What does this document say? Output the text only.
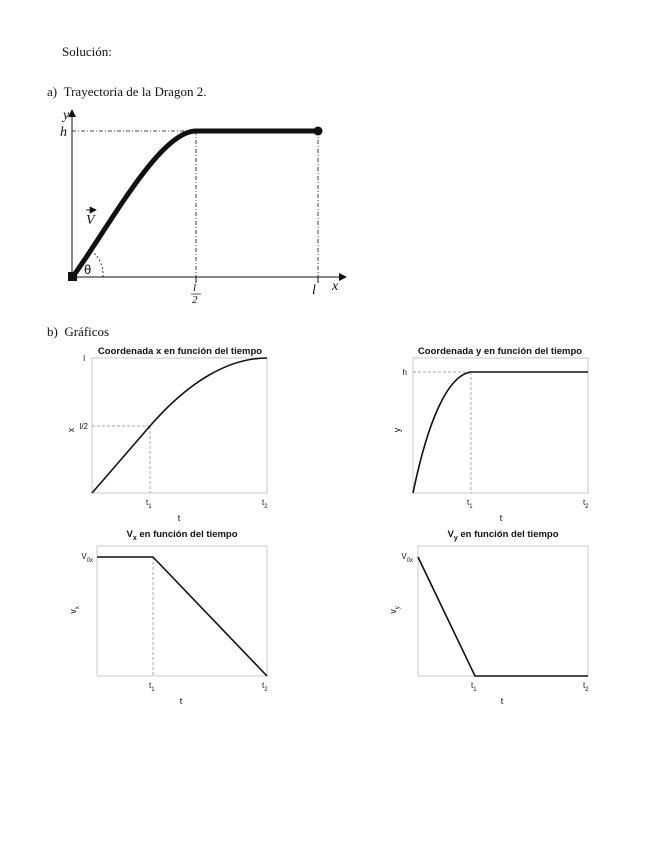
Solución:
a) Trayectoria de la Dragon 2.
b) Gráficos
y
x
h
V
θ
l
2
l
Coordenada x en función del tiempo
l
l/2
x
$t_1$	$t_2$
t
Coordenada y en función del tiempo
h
y
$t_1$	$t_2$
t
$V_x$ en función del tiempo
$V_{0x}$
$v_x$
$t_1$	$t_2$
t
$V_y$ en función del tiempo
$V_{0x}$
$v_y$
$t_1$	$t_2$
t
